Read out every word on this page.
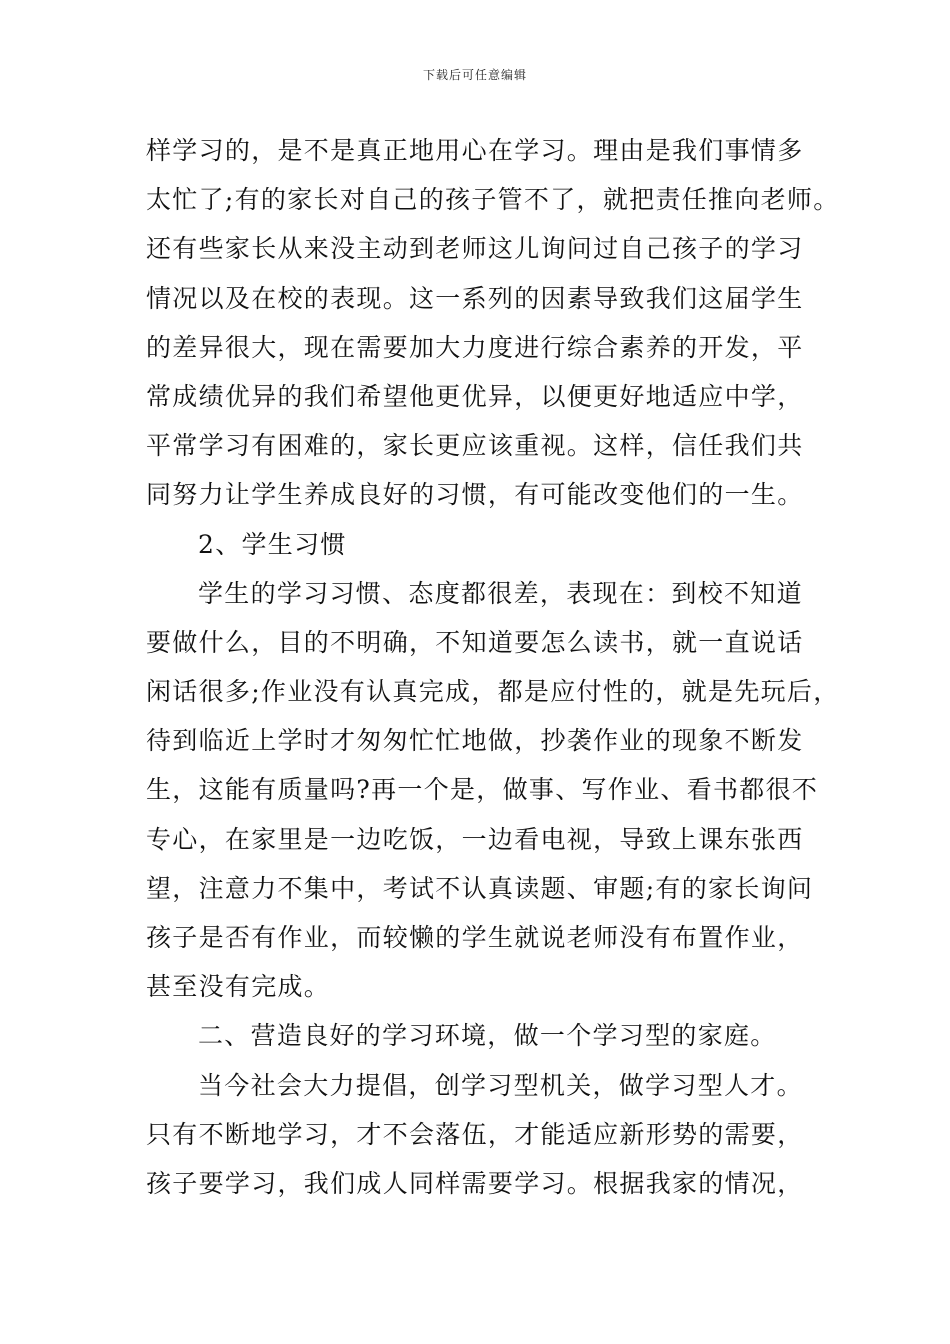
下载后可任意编辑
样学习的，是不是真正地用心在学习。理由是我们事情多
太忙了;有的家长对自己的孩子管不了，就把责任推向老师。
还有些家长从来没主动到老师这儿询问过自己孩子的学习
情况以及在校的表现。这一系列的因素导致我们这届学生
的差异很大，现在需要加大力度进行综合素养的开发，平
常成绩优异的我们希望他更优异，以便更好地适应中学，
平常学习有困难的，家长更应该重视。这样，信任我们共
同努力让学生养成良好的习惯，有可能改变他们的一生。
2、学生习惯
学生的学习习惯、态度都很差，表现在：到校不知道
要做什么，目的不明确，不知道要怎么读书，就一直说话
闲话很多;作业没有认真完成，都是应付性的，就是先玩后，
待到临近上学时才匆匆忙忙地做，抄袭作业的现象不断发
生，这能有质量吗?再一个是，做事、写作业、看书都很不
专心，在家里是一边吃饭，一边看电视，导致上课东张西
望，注意力不集中，考试不认真读题、审题;有的家长询问
孩子是否有作业，而较懒的学生就说老师没有布置作业，
甚至没有完成。
二、营造良好的学习环境，做一个学习型的家庭。
当今社会大力提倡，创学习型机关，做学习型人才。
只有不断地学习，才不会落伍，才能适应新形势的需要，
孩子要学习，我们成人同样需要学习。根据我家的情况，
